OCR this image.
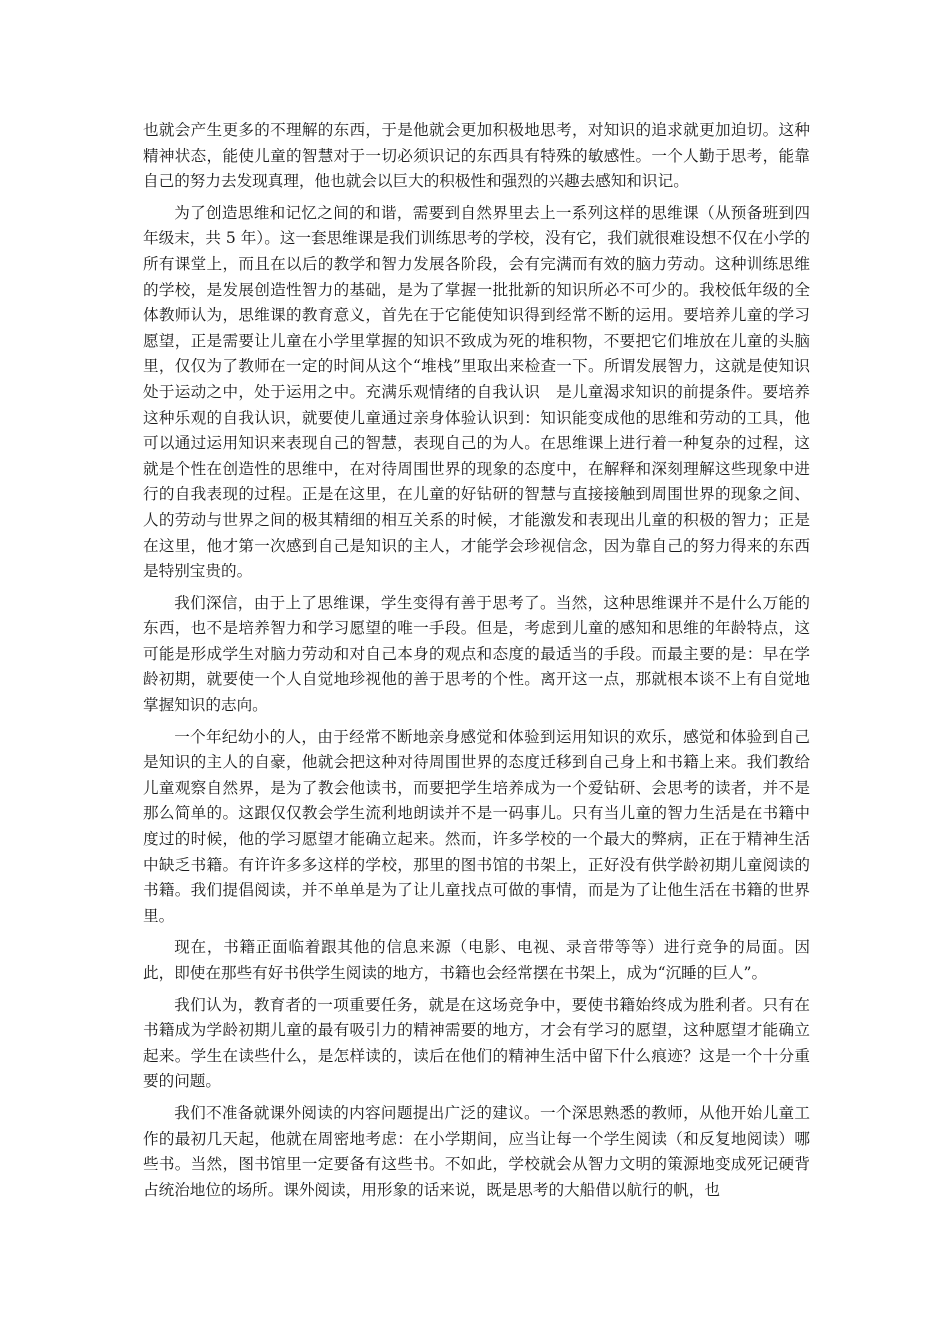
也就会产生更多的不理解的东西，于是他就会更加积极地思考，对知识的追求就更加迫切。这种精神状态，能使儿童的智慧对于一切必须识记的东西具有特殊的敏感性。一个人勤于思考，能靠自己的努力去发现真理，他也就会以巨大的积极性和强烈的兴趣去感知和识记。

为了创造思维和记忆之间的和谐，需要到自然界里去上一系列这样的思维课（从预备班到四年级末，共 5 年）。这一套思维课是我们训练思考的学校，没有它，我们就很难设想不仅在小学的所有课堂上，而且在以后的教学和智力发展各阶段，会有完满而有效的脑力劳动。这种训练思维的学校，是发展创造性智力的基础，是为了掌握一批批新的知识所必不可少的。我校低年级的全体教师认为，思维课的教育意义，首先在于它能使知识得到经常不断的运用。要培养儿童的学习愿望，正是需要让儿童在小学里掌握的知识不致成为死的堆积物，不要把它们堆放在儿童的头脑里，仅仅为了教师在一定的时间从这个“堆栈”里取出来检查一下。所谓发展智力，这就是使知识处于运动之中，处于运用之中。充满乐观情绪的自我认识　是儿童渴求知识的前提条件。要培养这种乐观的自我认识，就要使儿童通过亲身体验认识到：知识能变成他的思维和劳动的工具，他可以通过运用知识来表现自己的智慧，表现自己的为人。在思维课上进行着一种复杂的过程，这就是个性在创造性的思维中，在对待周围世界的现象的态度中，在解释和深刻理解这些现象中进行的自我表现的过程。正是在这里，在儿童的好钻研的智慧与直接接触到周围世界的现象之间、人的劳动与世界之间的极其精细的相互关系的时候，才能激发和表现出儿童的积极的智力；正是在这里，他才第一次感到自己是知识的主人，才能学会珍视信念，因为靠自己的努力得来的东西是特别宝贵的。

我们深信，由于上了思维课，学生变得有善于思考了。当然，这种思维课并不是什么万能的东西，也不是培养智力和学习愿望的唯一手段。但是，考虑到儿童的感知和思维的年龄特点，这可能是形成学生对脑力劳动和对自己本身的观点和态度的最适当的手段。而最主要的是：早在学龄初期，就要使一个人自觉地珍视他的善于思考的个性。离开这一点，那就根本谈不上有自觉地掌握知识的志向。

一个年纪幼小的人，由于经常不断地亲身感觉和体验到运用知识的欢乐，感觉和体验到自己是知识的主人的自豪，他就会把这种对待周围世界的态度迁移到自己身上和书籍上来。我们教给儿童观察自然界，是为了教会他读书，而要把学生培养成为一个爱钻研、会思考的读者，并不是那么简单的。这跟仅仅教会学生流利地朗读并不是一码事儿。只有当儿童的智力生活是在书籍中度过的时候，他的学习愿望才能确立起来。然而，许多学校的一个最大的弊病，正在于精神生活中缺乏书籍。有许许多多这样的学校，那里的图书馆的书架上，正好没有供学龄初期儿童阅读的书籍。我们提倡阅读，并不单单是为了让儿童找点可做的事情，而是为了让他生活在书籍的世界里。

现在，书籍正面临着跟其他的信息来源（电影、电视、录音带等等）进行竞争的局面。因此，即使在那些有好书供学生阅读的地方，书籍也会经常摆在书架上，成为“沉睡的巨人”。

我们认为，教育者的一项重要任务，就是在这场竞争中，要使书籍始终成为胜利者。只有在书籍成为学龄初期儿童的最有吸引力的精神需要的地方，才会有学习的愿望，这种愿望才能确立起来。学生在读些什么，是怎样读的，读后在他们的精神生活中留下什么痕迹？这是一个十分重要的问题。

我们不准备就课外阅读的内容问题提出广泛的建议。一个深思熟悉的教师，从他开始儿童工作的最初几天起，他就在周密地考虑：在小学期间，应当让每一个学生阅读（和反复地阅读）哪些书。当然，图书馆里一定要备有这些书。不如此，学校就会从智力文明的策源地变成死记硬背占统治地位的场所。课外阅读，用形象的话来说，既是思考的大船借以航行的帆，也
